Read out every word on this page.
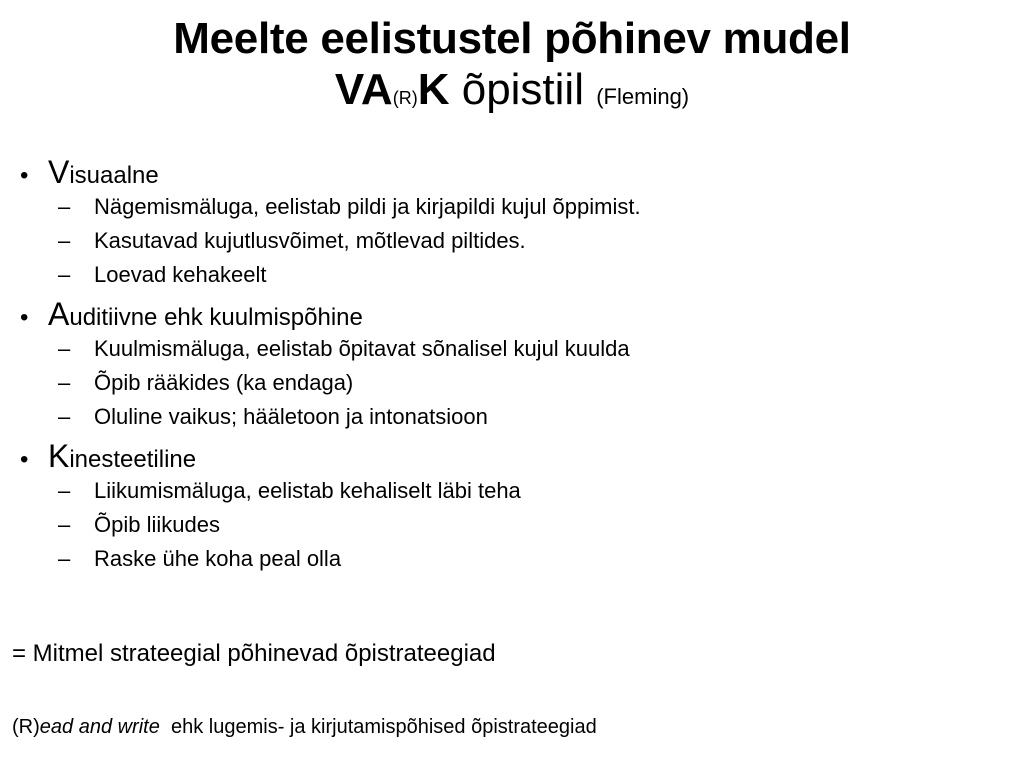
Meelte eelistustel põhinev mudel
VA(R)K õpistiil (Fleming)
• V isuaalne
–	Nägemismäluga, eelistab pildi ja kirjapildi kujul õppimist.
–	Kasutavad kujutlusvõimet, mõtlevad piltides.
–	Loevad kehakeelt
• A uditiivne ehk kuulmispõhine
–	Kuulmismäluga, eelistab õpitavat sõnalisel kujul kuulda
–	Õpib rääkides (ka endaga)
–	Oluline vaikus; hääletoon ja intonatsioon
• K inesteetiline
–	Liikumismäluga, eelistab kehaliselt läbi teha
–	Õpib liikudes
–	Raske ühe koha peal olla
= Mitmel strateegial põhinevad õpistrateegiad
(R)ead and write ehk lugemis- ja kirjutamispõhised õpistrateegiad
